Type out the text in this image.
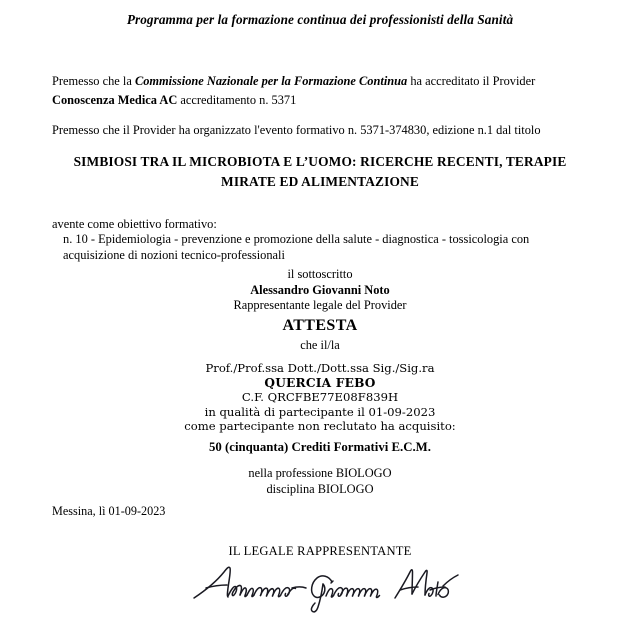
Programma per la formazione continua dei professionisti della Sanità
Premesso che la Commissione Nazionale per la Formazione Continua ha accreditato il Provider
Conoscenza Medica AC accreditamento n. 5371
Premesso che il Provider ha organizzato l'evento formativo n. 5371-374830, edizione n.1 dal titolo
SIMBIOSI TRA IL MICROBIOTA E L’UOMO: RICERCHE RECENTI, TERAPIE MIRATE ED ALIMENTAZIONE
avente come obiettivo formativo:
n. 10 - Epidemiologia - prevenzione e promozione della salute - diagnostica - tossicologia con
acquisizione di nozioni tecnico-professionali
il sottoscritto
Alessandro Giovanni Noto
Rappresentante legale del Provider
ATTESTA
che il/la
Prof./Prof.ssa Dott./Dott.ssa Sig./Sig.ra
QUERCIA FEBO
C.F. QRCFBE77E08F839H
in qualità di partecipante il 01-09-2023
come partecipante non reclutato ha acquisito:
50 (cinquanta) Crediti Formativi E.C.M.
nella professione BIOLOGO
disciplina BIOLOGO
Messina, lì 01-09-2023
IL LEGALE RAPPRESENTANTE
